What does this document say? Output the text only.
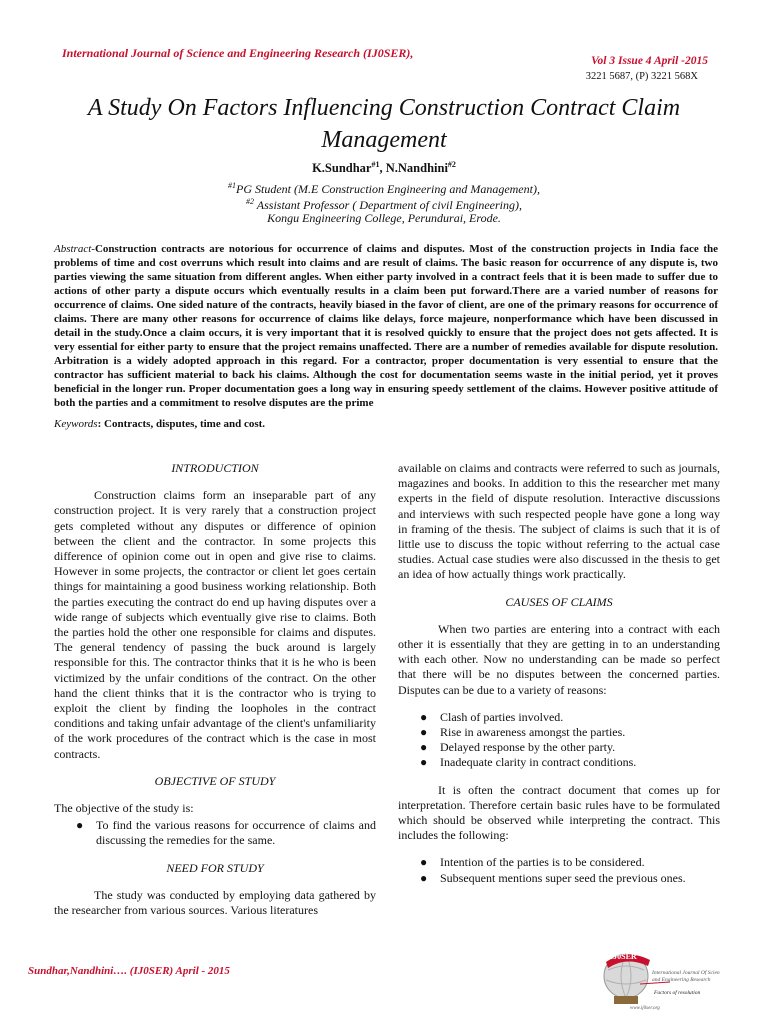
International Journal of Science and Engineering Research (IJ0SER),
Vol 3 Issue 4 April -2015
3221 5687, (P) 3221 568X
A Study On Factors Influencing Construction Contract Claim Management
K.Sundhar$^{\#1}$, N.Nandhini$^{\#2}$
$^{\#1}$PG Student (M.E Construction Engineering and Management),
$^{\#2}$ Assistant Professor ( Department of civil Engineering),
Kongu Engineering College, Perundurai, Erode.
Abstract-Construction contracts are notorious for occurrence of claims and disputes. Most of the construction projects in India face the problems of time and cost overruns which result into claims and are result of claims. The basic reason for occurrence of any dispute is, two parties viewing the same situation from different angles. When either party involved in a contract feels that it is been made to suffer due to actions of other party a dispute occurs which eventually results in a claim been put forward.There are a varied number of reasons for occurrence of claims. One sided nature of the contracts, heavily biased in the favor of client, are one of the primary reasons for occurrence of claims. There are many other reasons for occurrence of claims like delays, force majeure, nonperformance which have been discussed in detail in the study.Once a claim occurs, it is very important that it is resolved quickly to ensure that the project does not gets affected. It is very essential for either party to ensure that the project remains unaffected. There are a number of remedies available for dispute resolution. Arbitration is a widely adopted approach in this regard. For a contractor, proper documentation is very essential to ensure that the contractor has sufficient material to back his claims. Although the cost for documentation seems waste in the initial period, yet it proves beneficial in the longer run. Proper documentation goes a long way in ensuring speedy settlement of the claims. However positive attitude of both the parties and a commitment to resolve disputes are the prime
Keywords: Contracts, disputes, time and cost.
INTRODUCTION
Construction claims form an inseparable part of any construction project. It is very rarely that a construction project gets completed without any disputes or difference of opinion between the client and the contractor. In some projects this difference of opinion come out in open and give rise to claims. However in some projects, the contractor or client let goes certain things for maintaining a good business working relationship. Both the parties executing the contract do end up having disputes over a wide range of subjects which eventually give rise to claims. Both the parties hold the other one responsible for claims and disputes. The general tendency of passing the buck around is largely responsible for this. The contractor thinks that it is he who is been victimized by the unfair conditions of the contract. On the other hand the client thinks that it is the contractor who is trying to exploit the client by finding the loopholes in the contract conditions and taking unfair advantage of the client's unfamiliarity of the work procedures of the contract which is the case in most contracts.
OBJECTIVE OF STUDY
The objective of the study is:
● To find the various reasons for occurrence of claims and discussing the remedies for the same.
NEED FOR STUDY
The study was conducted by employing data gathered by the researcher from various sources. Various literatures
available on claims and contracts were referred to such as journals, magazines and books. In addition to this the researcher met many experts in the field of dispute resolution. Interactive discussions and interviews with such respected people have gone a long way in framing of the thesis. The subject of claims is such that it is of little use to discuss the topic without referring to the actual case studies. Actual case studies were also discussed in the thesis to get an idea of how actually things work practically.
CAUSES OF CLAIMS
When two parties are entering into a contract with each other it is essentially that they are getting in to an understanding with each other. Now no understanding can be made so perfect that there will be no disputes between the concerned parties. Disputes can be due to a variety of reasons:
● Clash of parties involved.
● Rise in awareness amongst the parties.
● Delayed response by the other party.
● Inadequate clarity in contract conditions.
It is often the contract document that comes up for interpretation. Therefore certain basic rules have to be formulated which should be observed while interpreting the contract. This includes the following:
● Intention of the parties is to be considered.
● Subsequent mentions super seed the previous ones.
Sundhar,Nandhini…. (IJ0SER) April - 2015
IJ0SER
International Journal Of Scien
and Engineering Research
Factors of resolution
www.ij0ser.org
